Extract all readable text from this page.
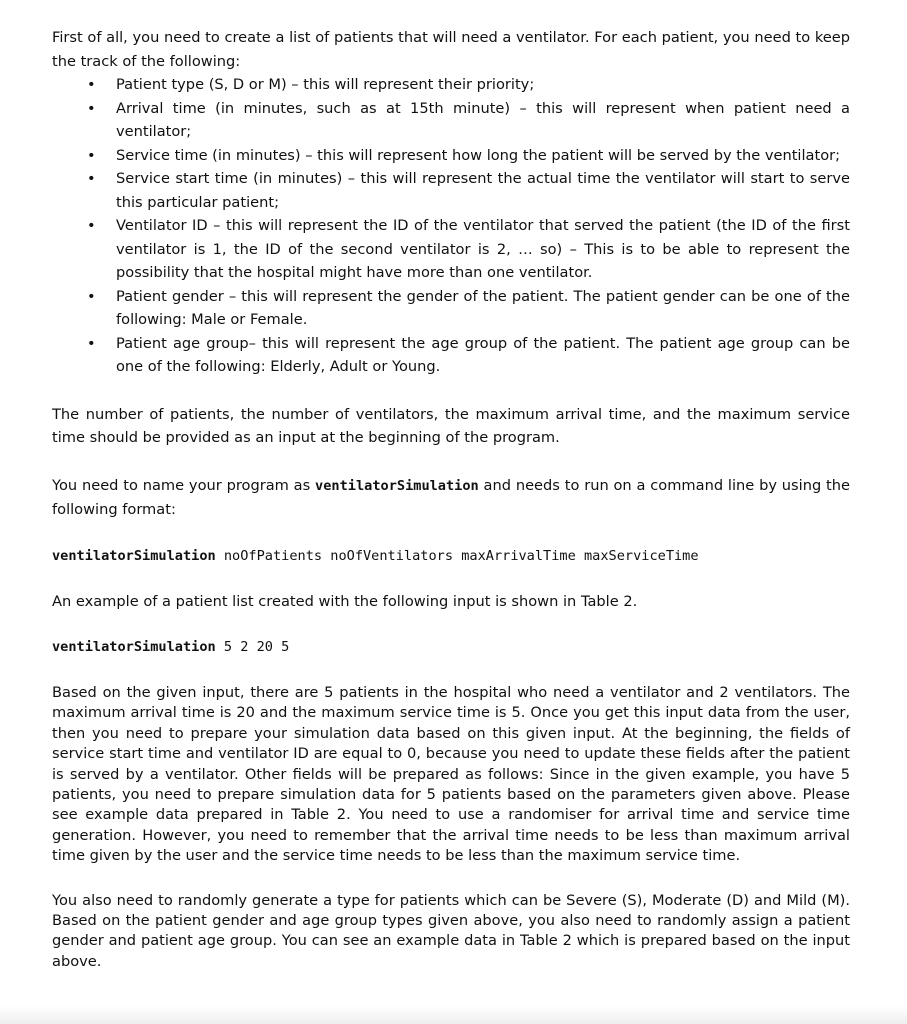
First of all, you need to create a list of patients that will need a ventilator. For each patient, you need to keep the track of the following:

• Patient type (S, D or M) – this will represent their priority;
• Arrival time (in minutes, such as at 15th minute) – this will represent when patient need a ventilator;
• Service time (in minutes) – this will represent how long the patient will be served by the ventilator;
• Service start time (in minutes) – this will represent the actual time the ventilator will start to serve this particular patient;
• Ventilator ID – this will represent the ID of the ventilator that served the patient (the ID of the first ventilator is 1, the ID of the second ventilator is 2, … so) – This is to be able to represent the possibility that the hospital might have more than one ventilator.
• Patient gender – this will represent the gender of the patient. The patient gender can be one of the following: Male or Female.
• Patient age group– this will represent the age group of the patient. The patient age group can be one of the following: Elderly, Adult or Young.

The number of patients, the number of ventilators, the maximum arrival time, and the maximum service time should be provided as an input at the beginning of the program.

You need to name your program as ventilatorSimulation and needs to run on a command line by using the following format:

ventilatorSimulation noOfPatients noOfVentilators maxArrivalTime maxServiceTime

An example of a patient list created with the following input is shown in Table 2.

ventilatorSimulation 5 2 20 5

Based on the given input, there are 5 patients in the hospital who need a ventilator and 2 ventilators. The maximum arrival time is 20 and the maximum service time is 5. Once you get this input data from the user, then you need to prepare your simulation data based on this given input. At the beginning, the fields of service start time and ventilator ID are equal to 0, because you need to update these fields after the patient is served by a ventilator. Other fields will be prepared as follows: Since in the given example, you have 5 patients, you need to prepare simulation data for 5 patients based on the parameters given above. Please see example data prepared in Table 2. You need to use a randomiser for arrival time and service time generation. However, you need to remember that the arrival time needs to be less than maximum arrival time given by the user and the service time needs to be less than the maximum service time.

You also need to randomly generate a type for patients which can be Severe (S), Moderate (D) and Mild (M). Based on the patient gender and age group types given above, you also need to randomly assign a patient gender and patient age group. You can see an example data in Table 2 which is prepared based on the input above.
